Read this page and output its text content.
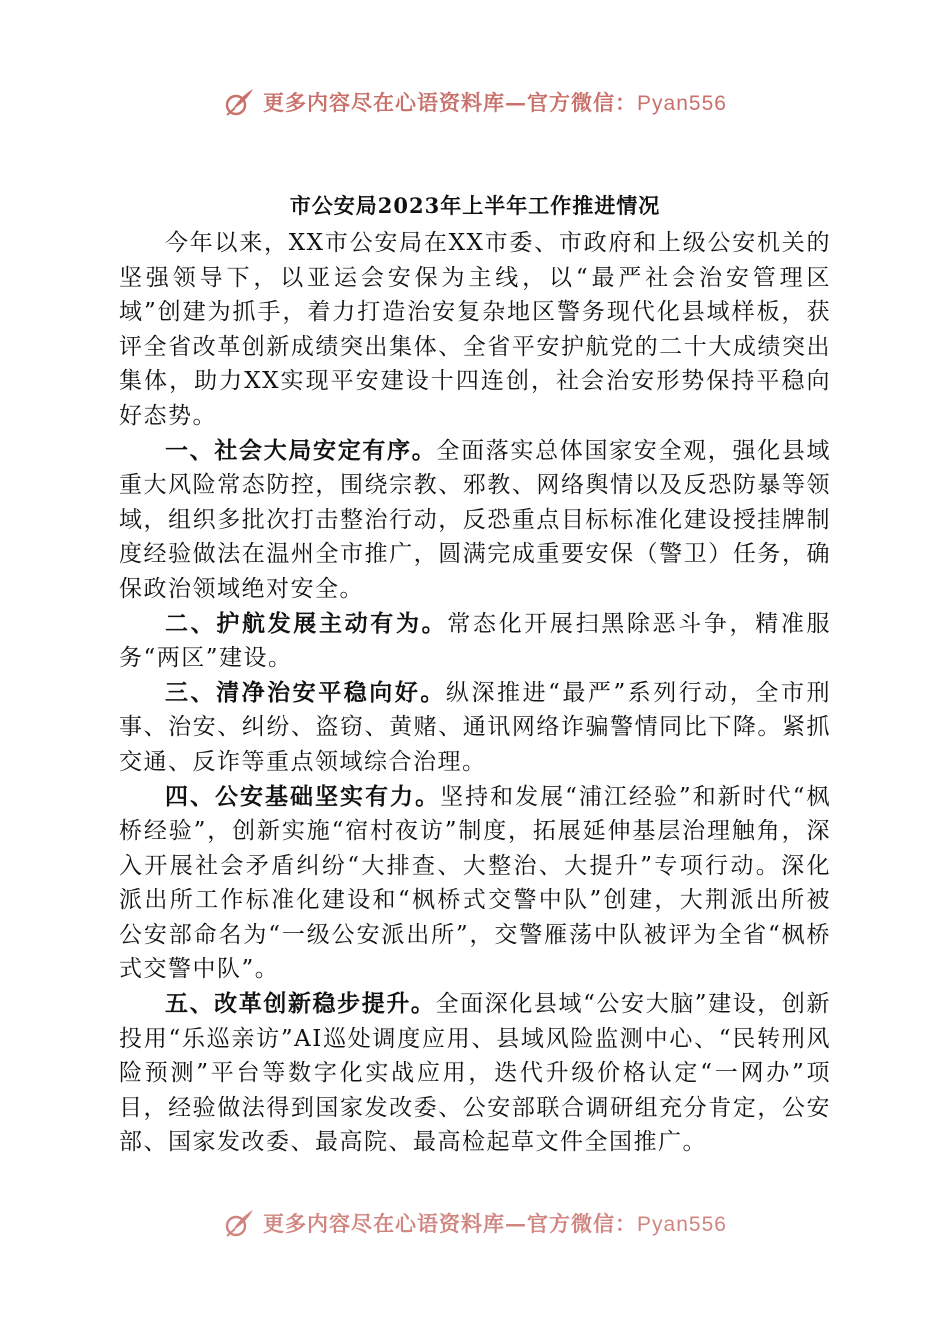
更多内容尽在心语资料库—官方微信：Pyan556
市公安局2023年上半年工作推进情况

今年以来，XX市公安局在XX市委、市政府和上级公安机关的坚强领导下，以亚运会安保为主线，以“最严社会治安管理区域”创建为抓手，着力打造治安复杂地区警务现代化县域样板，获评全省改革创新成绩突出集体、全省平安护航党的二十大成绩突出集体，助力XX实现平安建设十四连创，社会治安形势保持平稳向好态势。

一、社会大局安定有序。全面落实总体国家安全观，强化县域重大风险常态防控，围绕宗教、邪教、网络舆情以及反恐防暴等领域，组织多批次打击整治行动，反恐重点目标标准化建设授挂牌制度经验做法在温州全市推广，圆满完成重要安保（警卫）任务，确保政治领域绝对安全。

二、护航发展主动有为。常态化开展扫黑除恶斗争，精准服务“两区”建设。

三、清净治安平稳向好。纵深推进“最严”系列行动，全市刑事、治安、纠纷、盗窃、黄赌、通讯网络诈骗警情同比下降。紧抓交通、反诈等重点领域综合治理。

四、公安基础坚实有力。坚持和发展“浦江经验”和新时代“枫桥经验”，创新实施“宿村夜访”制度，拓展延伸基层治理触角，深入开展社会矛盾纠纷“大排查、大整治、大提升”专项行动。深化派出所工作标准化建设和“枫桥式交警中队”创建，大荆派出所被公安部命名为“一级公安派出所”，交警雁荡中队被评为全省“枫桥式交警中队”。

五、改革创新稳步提升。全面深化县域“公安大脑”建设，创新投用“乐巡亲访”AI巡处调度应用、县域风险监测中心、“民转刑风险预测”平台等数字化实战应用，迭代升级价格认定“一网办”项目，经验做法得到国家发改委、公安部联合调研组充分肯定，公安部、国家发改委、最高院、最高检起草文件全国推广。

更多内容尽在心语资料库—官方微信：Pyan556
